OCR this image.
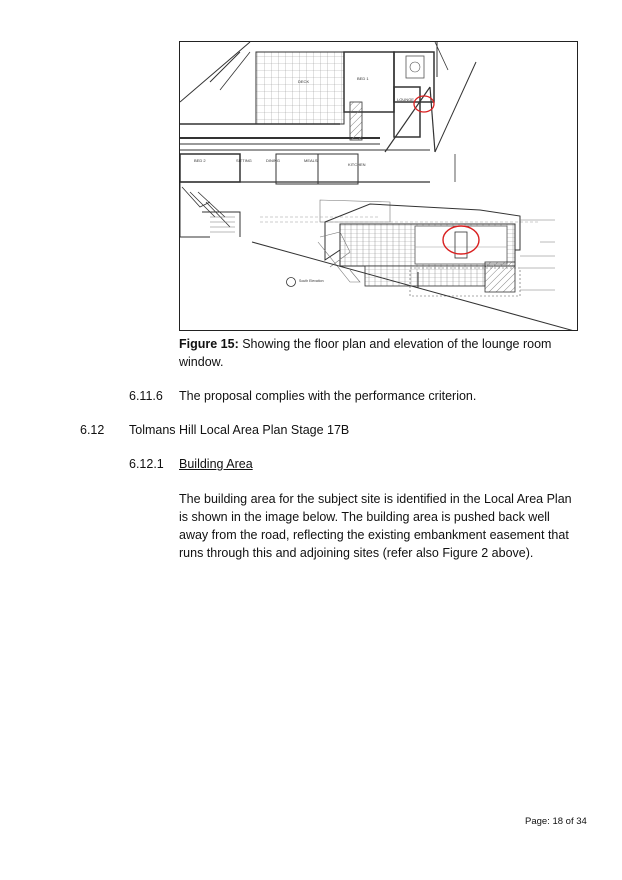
BED 1
DECK
LOUNGE
BED 2	SITTING	DINING	MEALS
KITCHEN
South Elevation
Figure 15: Showing the floor plan and elevation of the lounge room window.
6.11.6 The proposal complies with the performance criterion.
6.12 Tolmans Hill Local Area Plan Stage 17B
6.12.1 Building Area
The building area for the subject site is identified in the Local Area Plan is shown in the image below. The building area is pushed back well away from the road, reflecting the existing embankment easement that runs through this and adjoining sites (refer also Figure 2 above).
Page: 18 of 34
